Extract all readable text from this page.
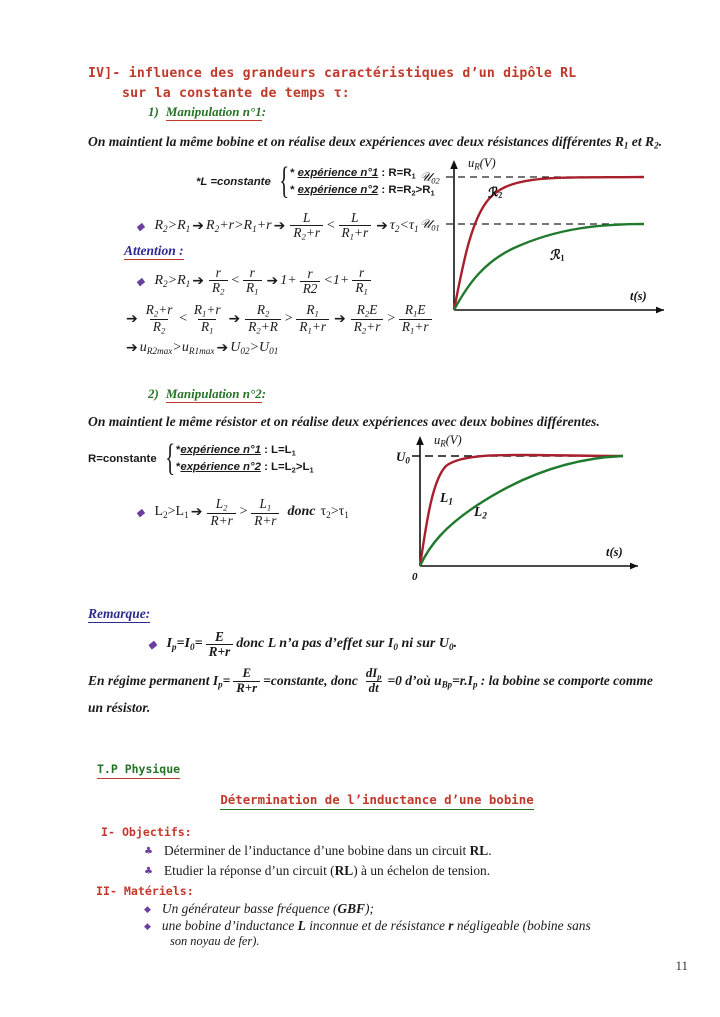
IV]- influence des grandeurs caractéristiques d’un dipôle RL
sur la constante de temps τ:
1) Manipulation n°1:
On maintient la même bobine et on réalise deux expériences avec deux résistances différentes $R_1$ et $R_2$.
*L =constante { * expérience n°1 : $R=R_1$
* expérience n°2 : $R=R_2>R_1$
◆ $R_2>R_1$ ➔ $R_2+r>R_1+r$ ➔ $\frac{L}{R_2+r} < \frac{L}{R_1+r}$ ➔ $\tau_2<\tau_1$
Attention :
◆ $R_2>R_1$ ➔ $\frac{r}{R_2} < \frac{r}{R_1}$ ➔ $1+ \frac{r}{R2} <1+ \frac{r}{R_1}$
➔ $\frac{R_2+r}{R_2} < \frac{R_1+r}{R_1}$ ➔ $\frac{R_2}{R_2+R} > \frac{R_1}{R_1+r}$ ➔ $\frac{R_2E}{R_2+r} > \frac{R_1E}{R_1+r}$
➔ $u_{R2max}>u_{R1max}$ ➔ $U_{02}>U_{01}$
$u_R(V)$
t(s)
𝒰$_{02}$
𝒰$_{01}$
ℛ2
ℛ1
2) Manipulation n°2:
On maintient le même résistor et on réalise deux expériences avec deux bobines différentes.
R=constante { *expérience n°1 : $L=L_1$
*expérience n°2 : $L=L_2>L_1$
◆ $L_2>L_1$ ➔ $\frac{L_2}{R+r} > \frac{L_1}{R+r}$ donc $\tau_2>\tau_1$
$u_R(V)$
t(s)
U0
0
L1
L2
Remarque:
◆ $I_p=I_0= \frac{E}{R+r}$ donc L n’a pas d’effet sur $I_0$ ni sur $U_0$.
En régime permanent $I_p= \frac{E}{R+r}$ =constante, donc $\frac{dI_p}{dt} =0$ d’où $u_{Bp}=r.I_p$ : la bobine se comporte comme
un résistor.
T.P Physique
Détermination de l’inductance d’une bobine
I- Objectifs:
♣ Déterminer de l’inductance d’une bobine dans un circuit RL.
♣ Etudier la réponse d’un circuit (RL) à un échelon de tension.
II- Matériels:
◆ Un générateur basse fréquence (GBF);
◆ une bobine d’inductance L inconnue et de résistance r négligeable (bobine sans
son noyau de fer).
11
